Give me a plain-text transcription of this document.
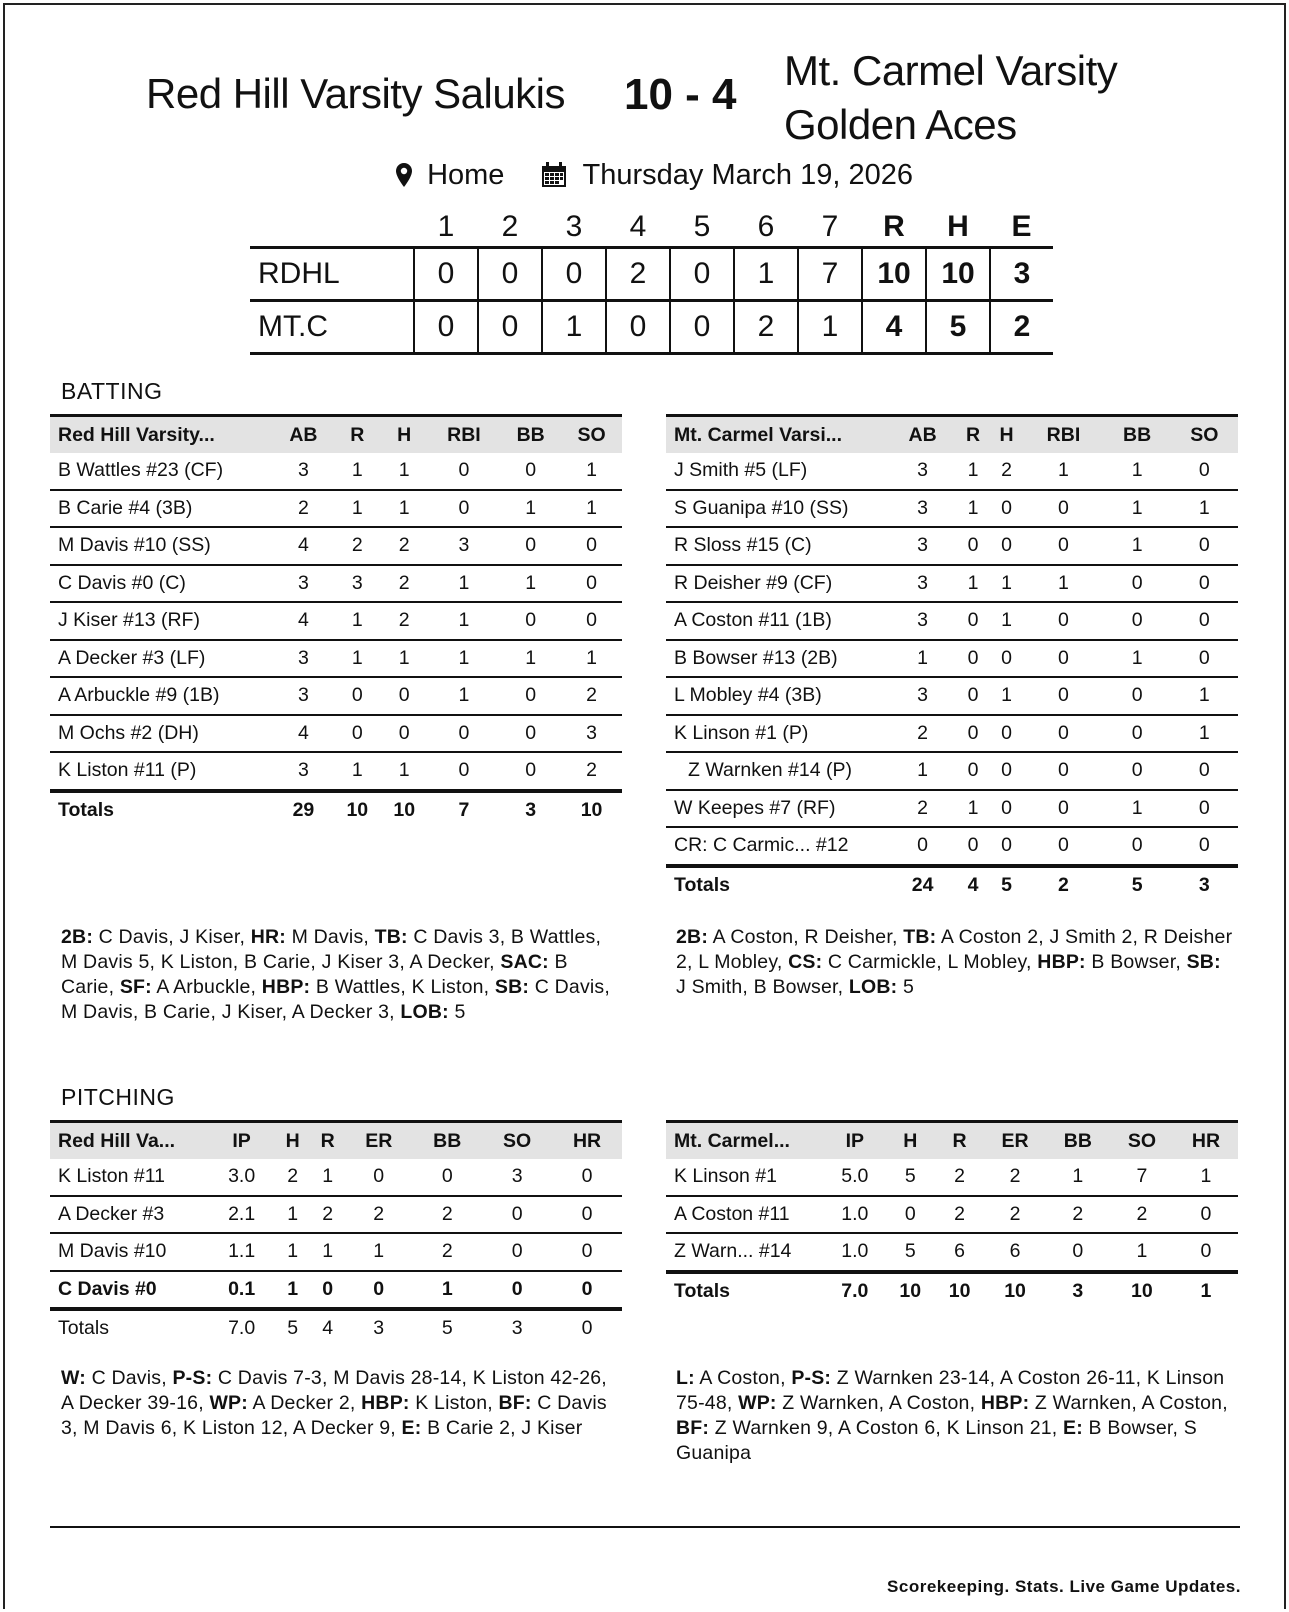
Red Hill Varsity Salukis 10 - 4 Mt. Carmel Varsity Golden Aces
Home	Thursday March 19, 2026
	1	2	3	4	5	6	7	R	H	E
RDHL	0	0	0	2	0	1	7	10	10	3
MT.C	0	0	1	0	0	2	1	4	5	2
BATTING
Red Hill Varsity...	AB	R	H	RBI	BB	SO
B Wattles #23 (CF)	3	1	1	0	0	1
B Carie #4 (3B)	2	1	1	0	1	1
M Davis #10 (SS)	4	2	2	3	0	0
C Davis #0 (C)	3	3	2	1	1	0
J Kiser #13 (RF)	4	1	2	1	0	0
A Decker #3 (LF)	3	1	1	1	1	1
A Arbuckle #9 (1B)	3	0	0	1	0	2
M Ochs #2 (DH)	4	0	0	0	0	3
K Liston #11 (P)	3	1	1	0	0	2
Totals	29	10	10	7	3	10
Mt. Carmel Varsi...	AB	R	H	RBI	BB	SO
J Smith #5 (LF)	3	1	2	1	1	0
S Guanipa #10 (SS)	3	1	0	0	1	1
R Sloss #15 (C)	3	0	0	0	1	0
R Deisher #9 (CF)	3	1	1	1	0	0
A Coston #11 (1B)	3	0	1	0	0	0
B Bowser #13 (2B)	1	0	0	0	1	0
L Mobley #4 (3B)	3	0	1	0	0	1
K Linson #1 (P)	2	0	0	0	0	1
Z Warnken #14 (P)	1	0	0	0	0	0
W Keepes #7 (RF)	2	1	0	0	1	0
CR: C Carmic... #12	0	0	0	0	0	0
Totals	24	4	5	2	5	3
2B: C Davis, J Kiser, HR: M Davis, TB: C Davis 3, B Wattles, M Davis 5, K Liston, B Carie, J Kiser 3, A Decker, SAC: B Carie, SF: A Arbuckle, HBP: B Wattles, K Liston, SB: C Davis, M Davis, B Carie, J Kiser, A Decker 3, LOB: 5
2B: A Coston, R Deisher, TB: A Coston 2, J Smith 2, R Deisher 2, L Mobley, CS: C Carmickle, L Mobley, HBP: B Bowser, SB: J Smith, B Bowser, LOB: 5
PITCHING
Red Hill Va...	IP	H	R	ER	BB	SO	HR
K Liston #11	3.0	2	1	0	0	3	0
A Decker #3	2.1	1	2	2	2	0	0
M Davis #10	1.1	1	1	1	2	0	0
C Davis #0	0.1	1	0	0	1	0	0
Totals	7.0	5	4	3	5	3	0
Mt. Carmel...	IP	H	R	ER	BB	SO	HR
K Linson #1	5.0	5	2	2	1	7	1
A Coston #11	1.0	0	2	2	2	2	0
Z Warn... #14	1.0	5	6	6	0	1	0
Totals	7.0	10	10	10	3	10	1
W: C Davis, P-S: C Davis 7-3, M Davis 28-14, K Liston 42-26, A Decker 39-16, WP: A Decker 2, HBP: K Liston, BF: C Davis 3, M Davis 6, K Liston 12, A Decker 9, E: B Carie 2, J Kiser
L: A Coston, P-S: Z Warnken 23-14, A Coston 26-11, K Linson 75-48, WP: Z Warnken, A Coston, HBP: Z Warnken, A Coston, BF: Z Warnken 9, A Coston 6, K Linson 21, E: B Bowser, S Guanipa
Scorekeeping. Stats. Live Game Updates.
